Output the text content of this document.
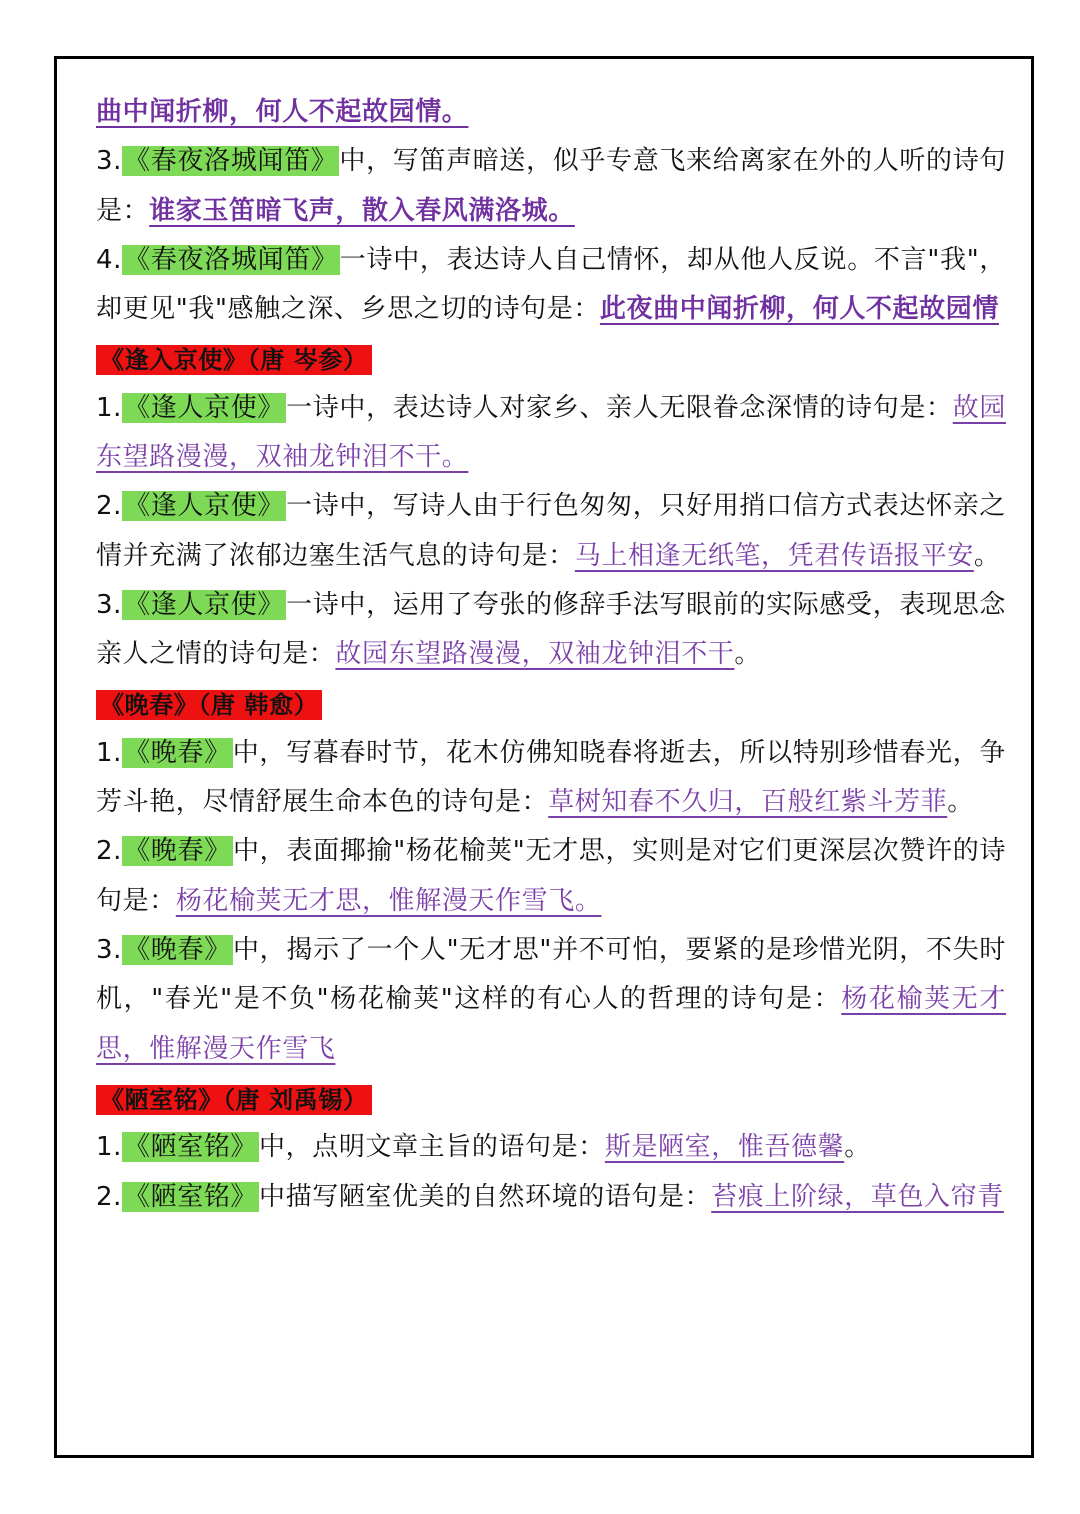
曲中闻折柳，何人不起故园情。

3.《春夜洛城闻笛》中，写笛声暗送，似乎专意飞来给离家在外的人听的诗句是：谁家玉笛暗飞声，散入春风满洛城。

4.《春夜洛城闻笛》一诗中，表达诗人自己情怀，却从他人反说。不言"我"，却更见"我"感触之深、乡思之切的诗句是：此夜曲中闻折柳，何人不起故园情

《逢入京使》（唐 岑参）

1.《逢人京使》一诗中，表达诗人对家乡、亲人无限眷念深情的诗句是：故园东望路漫漫，双袖龙钟泪不干。

2.《逢人京使》一诗中，写诗人由于行色匆匆，只好用捎口信方式表达怀亲之情并充满了浓郁边塞生活气息的诗句是：马上相逢无纸笔，凭君传语报平安。

3.《逢人京使》一诗中，运用了夸张的修辞手法写眼前的实际感受，表现思念亲人之情的诗句是：故园东望路漫漫，双袖龙钟泪不干。

《晚春》（唐 韩愈）

1.《晚春》中，写暮春时节，花木仿佛知晓春将逝去，所以特别珍惜春光，争芳斗艳，尽情舒展生命本色的诗句是：草树知春不久归，百般红紫斗芳菲。

2.《晚春》中，表面揶揄"杨花榆荚"无才思，实则是对它们更深层次赞许的诗句是：杨花榆荚无才思，惟解漫天作雪飞。

3.《晚春》中，揭示了一个人"无才思"并不可怕，要紧的是珍惜光阴，不失时机，"春光"是不负"杨花榆荚"这样的有心人的哲理的诗句是：杨花榆荚无才思，惟解漫天作雪飞

《陋室铭》（唐 刘禹锡）

1.《陋室铭》中，点明文章主旨的语句是：斯是陋室，惟吾德馨。

2.《陋室铭》中描写陋室优美的自然环境的语句是：苔痕上阶绿，草色入帘青
